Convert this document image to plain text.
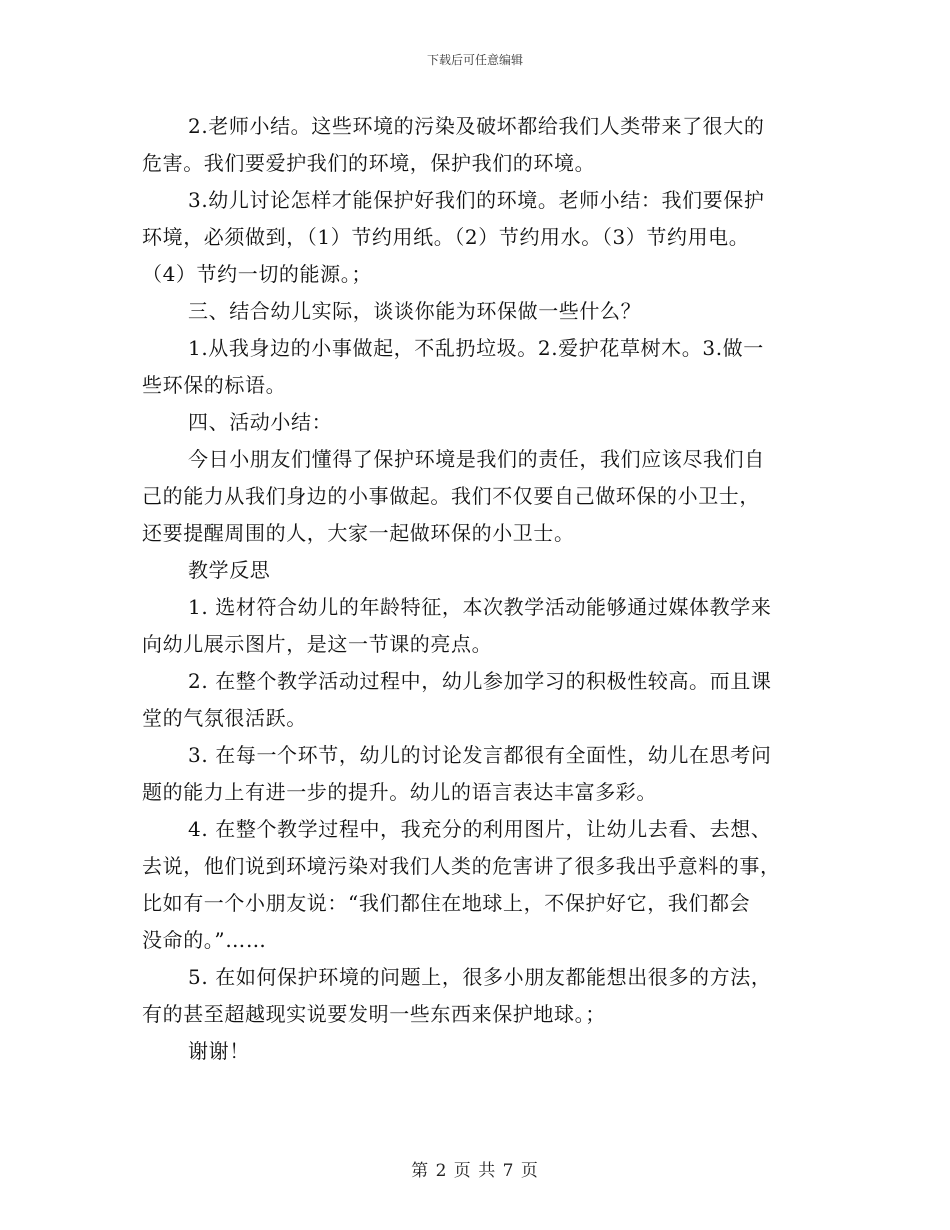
下载后可任意编辑

2.老师小结。这些环境的污染及破坏都给我们人类带来了很大的

危害。我们要爱护我们的环境，保护我们的环境。

3.幼儿讨论怎样才能保护好我们的环境。老师小结：我们要保护

环境，必须做到，（1）节约用纸。（2）节约用水。（3）节约用电。

（4）节约一切的能源。；

三、结合幼儿实际，谈谈你能为环保做一些什么？

1.从我身边的小事做起，不乱扔垃圾。2.爱护花草树木。3.做一

些环保的标语。

四、活动小结：

今日小朋友们懂得了保护环境是我们的责任，我们应该尽我们自

己的能力从我们身边的小事做起。我们不仅要自己做环保的小卫士，

还要提醒周围的人，大家一起做环保的小卫士。

教学反思

1. 选材符合幼儿的年龄特征，本次教学活动能够通过媒体教学来

向幼儿展示图片，是这一节课的亮点。

2. 在整个教学活动过程中，幼儿参加学习的积极性较高。而且课

堂的气氛很活跃。

3. 在每一个环节，幼儿的讨论发言都很有全面性，幼儿在思考问

题的能力上有进一步的提升。幼儿的语言表达丰富多彩。

4. 在整个教学过程中，我充分的利用图片，让幼儿去看、去想、

去说，他们说到环境污染对我们人类的危害讲了很多我出乎意料的事，

比如有一个小朋友说：“我们都住在地球上，不保护好它，我们都会

没命的。”……

5. 在如何保护环境的问题上，很多小朋友都能想出很多的方法，

有的甚至超越现实说要发明一些东西来保护地球。；

谢谢！

第 2 页 共 7 页
